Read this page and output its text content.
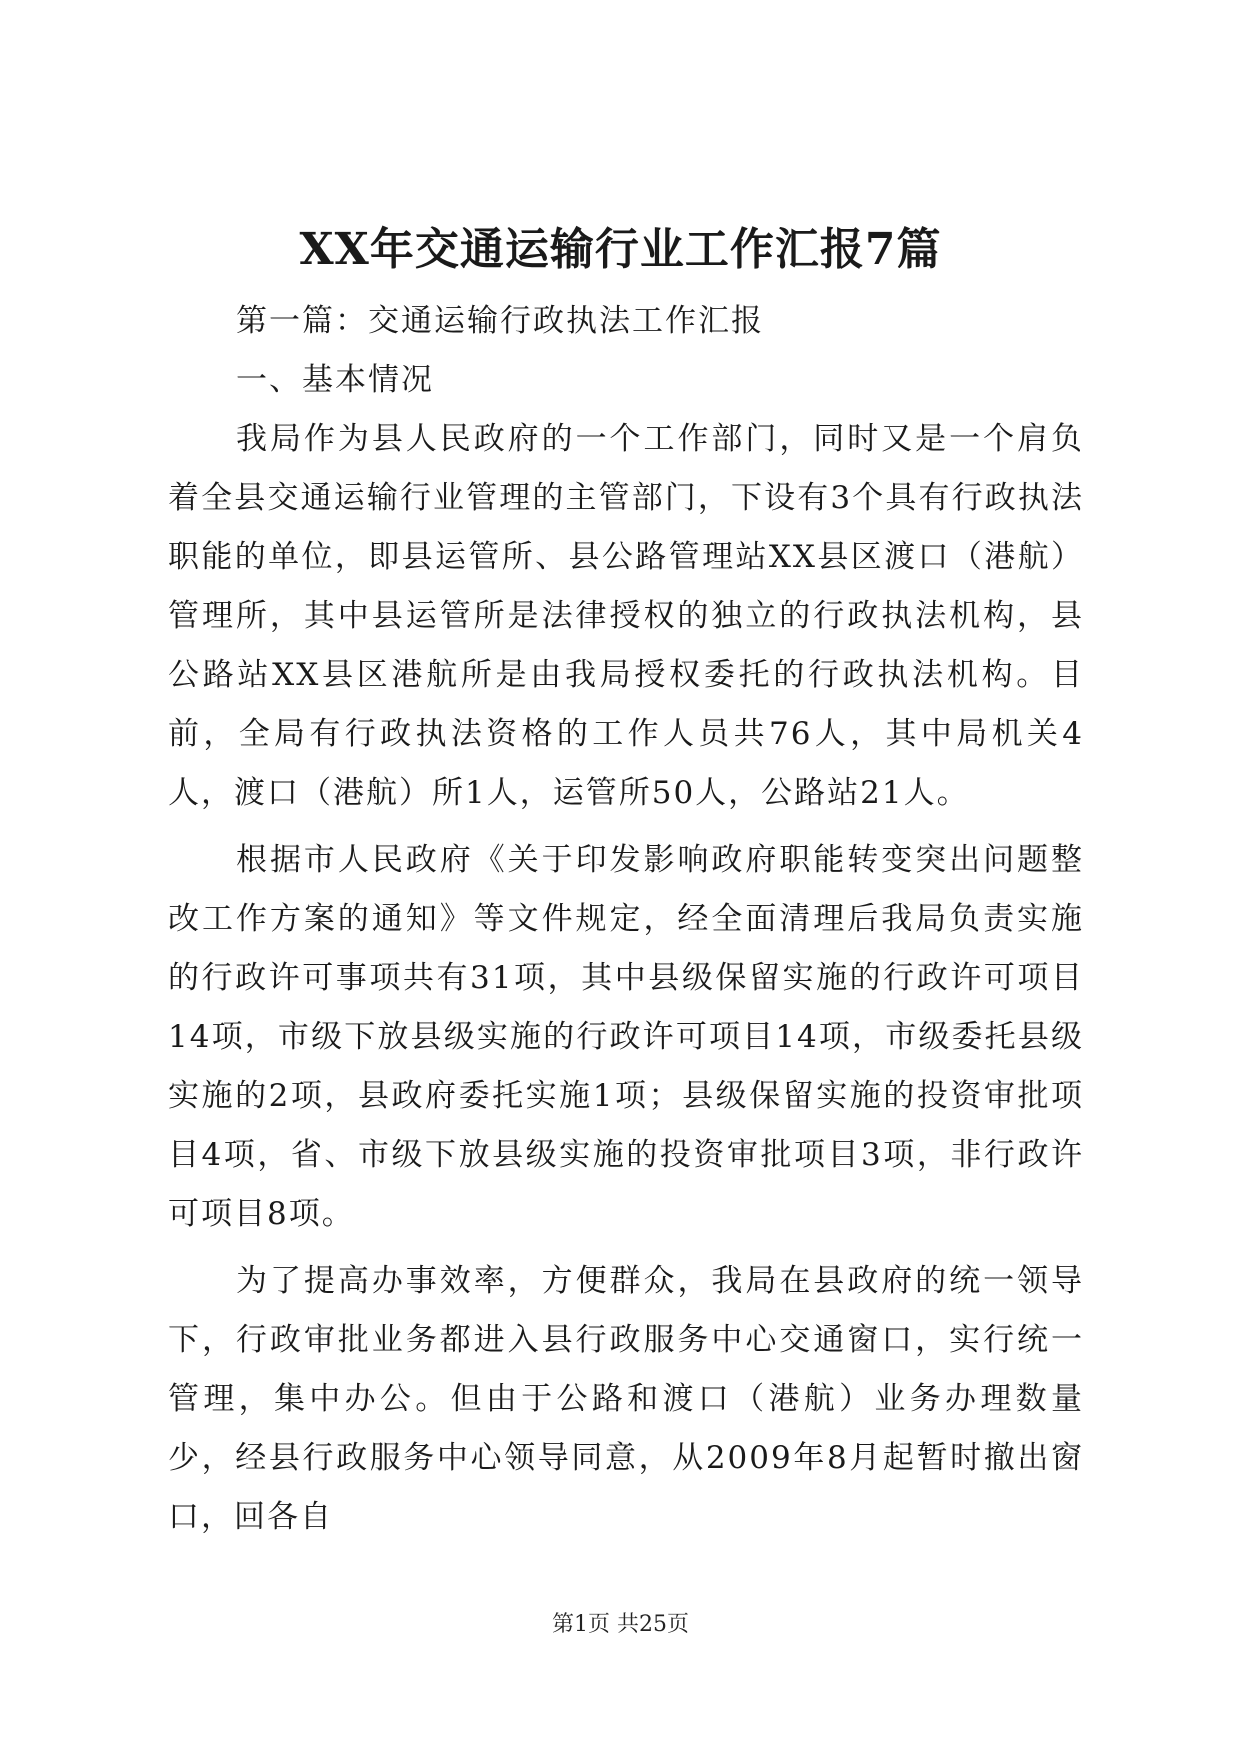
XX年交通运输行业工作汇报7篇

第一篇：交通运输行政执法工作汇报

一、基本情况

我局作为县人民政府的一个工作部门，同时又是一个肩负着全县交通运输行业管理的主管部门，下设有3个具有行政执法职能的单位，即县运管所、县公路管理站XX县区渡口（港航）管理所，其中县运管所是法律授权的独立的行政执法机构，县公路站XX县区港航所是由我局授权委托的行政执法机构。目前，全局有行政执法资格的工作人员共76人，其中局机关4人，渡口（港航）所1人，运管所50人，公路站21人。

根据市人民政府《关于印发影响政府职能转变突出问题整改工作方案的通知》等文件规定，经全面清理后我局负责实施的行政许可事项共有31项，其中县级保留实施的行政许可项目14项，市级下放县级实施的行政许可项目14项，市级委托县级实施的2项，县政府委托实施1项；县级保留实施的投资审批项目4项，省、市级下放县级实施的投资审批项目3项，非行政许可项目8项。

为了提高办事效率，方便群众，我局在县政府的统一领导下，行政审批业务都进入县行政服务中心交通窗口，实行统一管理，集中办公。但由于公路和渡口（港航）业务办理数量少，经县行政服务中心领导同意，从2009年8月起暂时撤出窗口，回各自

第1页 共25页
